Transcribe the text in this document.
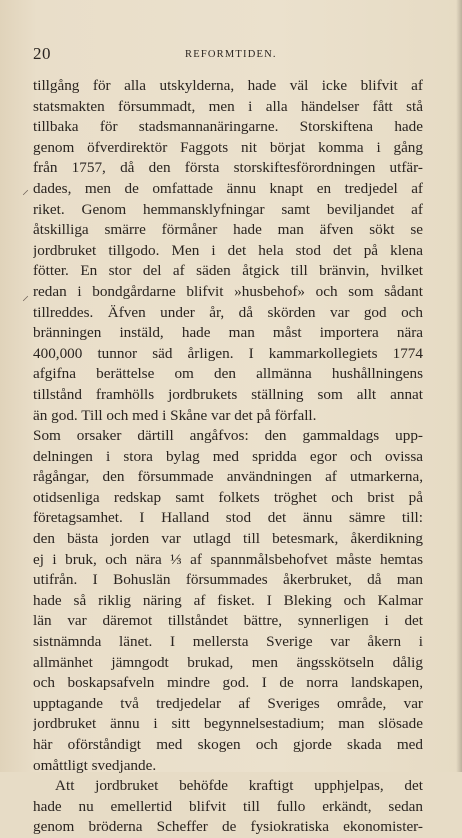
20	REFORMTIDEN.
⸝
⸝
tillgång för alla utskylderna, hade väl icke blifvit af
statsmakten försummadt, men i alla händelser fått stå
tillbaka för stadsmannanäringarne. Storskiftena hade
genom öfverdirektör Faggots nit börjat komma i gång
från 1757, då den första storskiftesförordningen utfär-
dades, men de omfattade ännu knapt en tredjedel af
riket. Genom hemmansklyfningar samt beviljandet af
åtskilliga smärre förmåner hade man äfven sökt se
jordbruket tillgodo. Men i det hela stod det på klena
fötter. En stor del af säden åtgick till bränvin, hvilket
redan i bondgårdarne blifvit »husbehof» och som sådant
tillreddes. Äfven under år, då skörden var god och
bränningen instäld, hade man måst importera nära
400,000 tunnor säd årligen. I kammarkollegiets 1774
afgifna berättelse om den allmänna hushållningens
tillstånd framhölls jordbrukets ställning som allt annat
än god. Till och med i Skåne var det på förfall.
Som orsaker därtill angåfvos: den gammaldags upp-
delningen i stora bylag med spridda egor och ovissa
rågångar, den försummade användningen af utmarkerna,
otidsenliga redskap samt folkets tröghet och brist på
företagsamhet. I Halland stod det ännu sämre till:
den bästa jorden var utlagd till betesmark, åkerdikning
ej i bruk, och nära ⅓ af spannmålsbehofvet måste hemtas
utifrån. I Bohuslän försummades åkerbruket, då man
hade så riklig näring af fisket. I Bleking och Kalmar
län var däremot tillståndet bättre, synnerligen i det
sistnämnda länet. I mellersta Sverige var åkern i
allmänhet jämngodt brukad, men ängsskötseln dålig
och boskapsafveln mindre god. I de norra landskapen,
upptagande två tredjedelar af Sveriges område, var
jordbruket ännu i sitt begynnelsestadium; man slösade
här oförståndigt med skogen och gjorde skada med
omåttligt svedjande.
Att jordbruket behöfde kraftigt upphjelpas, det
hade nu emellertid blifvit till fullo erkändt, sedan
genom bröderna Scheffer de fysiokratiska ekonomister-
